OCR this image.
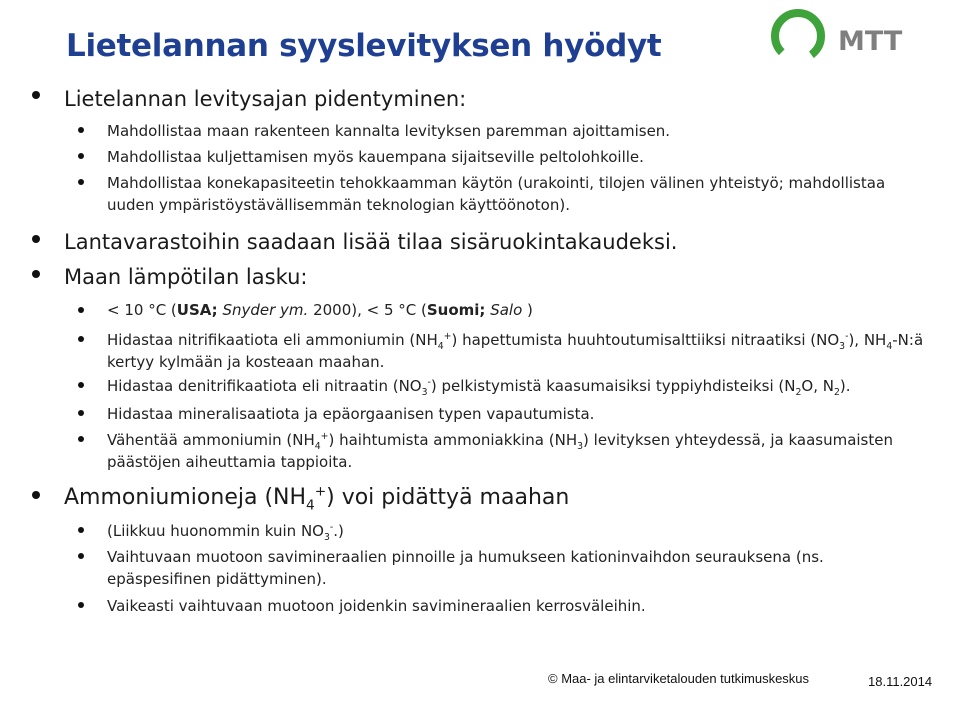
Lietelannan syyslevityksen hyödyt	MTT

Lietelannan levitysajan pidentyminen:

Mahdollistaa maan rakenteen kannalta levityksen paremman ajoittamisen.

Mahdollistaa kuljettamisen myös kauempana sijaitseville peltolohkoille.

Mahdollistaa konekapasiteetin tehokkaamman käytön (urakointi, tilojen välinen yhteistyö; mahdollistaa uuden ympäristöystävällisemmän teknologian käyttöönoton).

Lantavarastoihin saadaan lisää tilaa sisäruokintakaudeksi.

Maan lämpötilan lasku:

< 10 °C (USA; Snyder ym. 2000), < 5 °C (Suomi; Salo )

Hidastaa nitrifikaatiota eli ammoniumin $(NH_4^+)$ hapettumista huuhtoutumisalttiiksi nitraatiksi $(NO_3^-)$, $NH_4-N:ä$ kertyy kylmään ja kosteaan maahan.

Hidastaa denitrifikaatiota eli nitraatin $(NO_3^-)$ pelkistymistä kaasumaisiksi typpiyhdisteiksi ($N_2O$, $N_2$).

Hidastaa mineralisaatiota ja epäorgaanisen typen vapautumista.

Vähentää ammoniumin $(NH_4^+)$ haihtumista ammoniakkina $(NH_3)$ levityksen yhteydessä, ja kaasumaisten päästöjen aiheuttamia tappioita.

Ammoniumioneja $(NH_4^+)$ voi pidättyä maahan

(Liikkuu huonommin kuin $NO_3^-$.)

Vaihtuvaan muotoon savimineraalien pinnoille ja humukseen kationinvaihdon seurauksena (ns. epäspesifinen pidättyminen).

Vaikeasti vaihtuvaan muotoon joidenkin savimineraalien kerrosväleihin.

© Maa- ja elintarviketalouden tutkimuskeskus	18.11.2014
